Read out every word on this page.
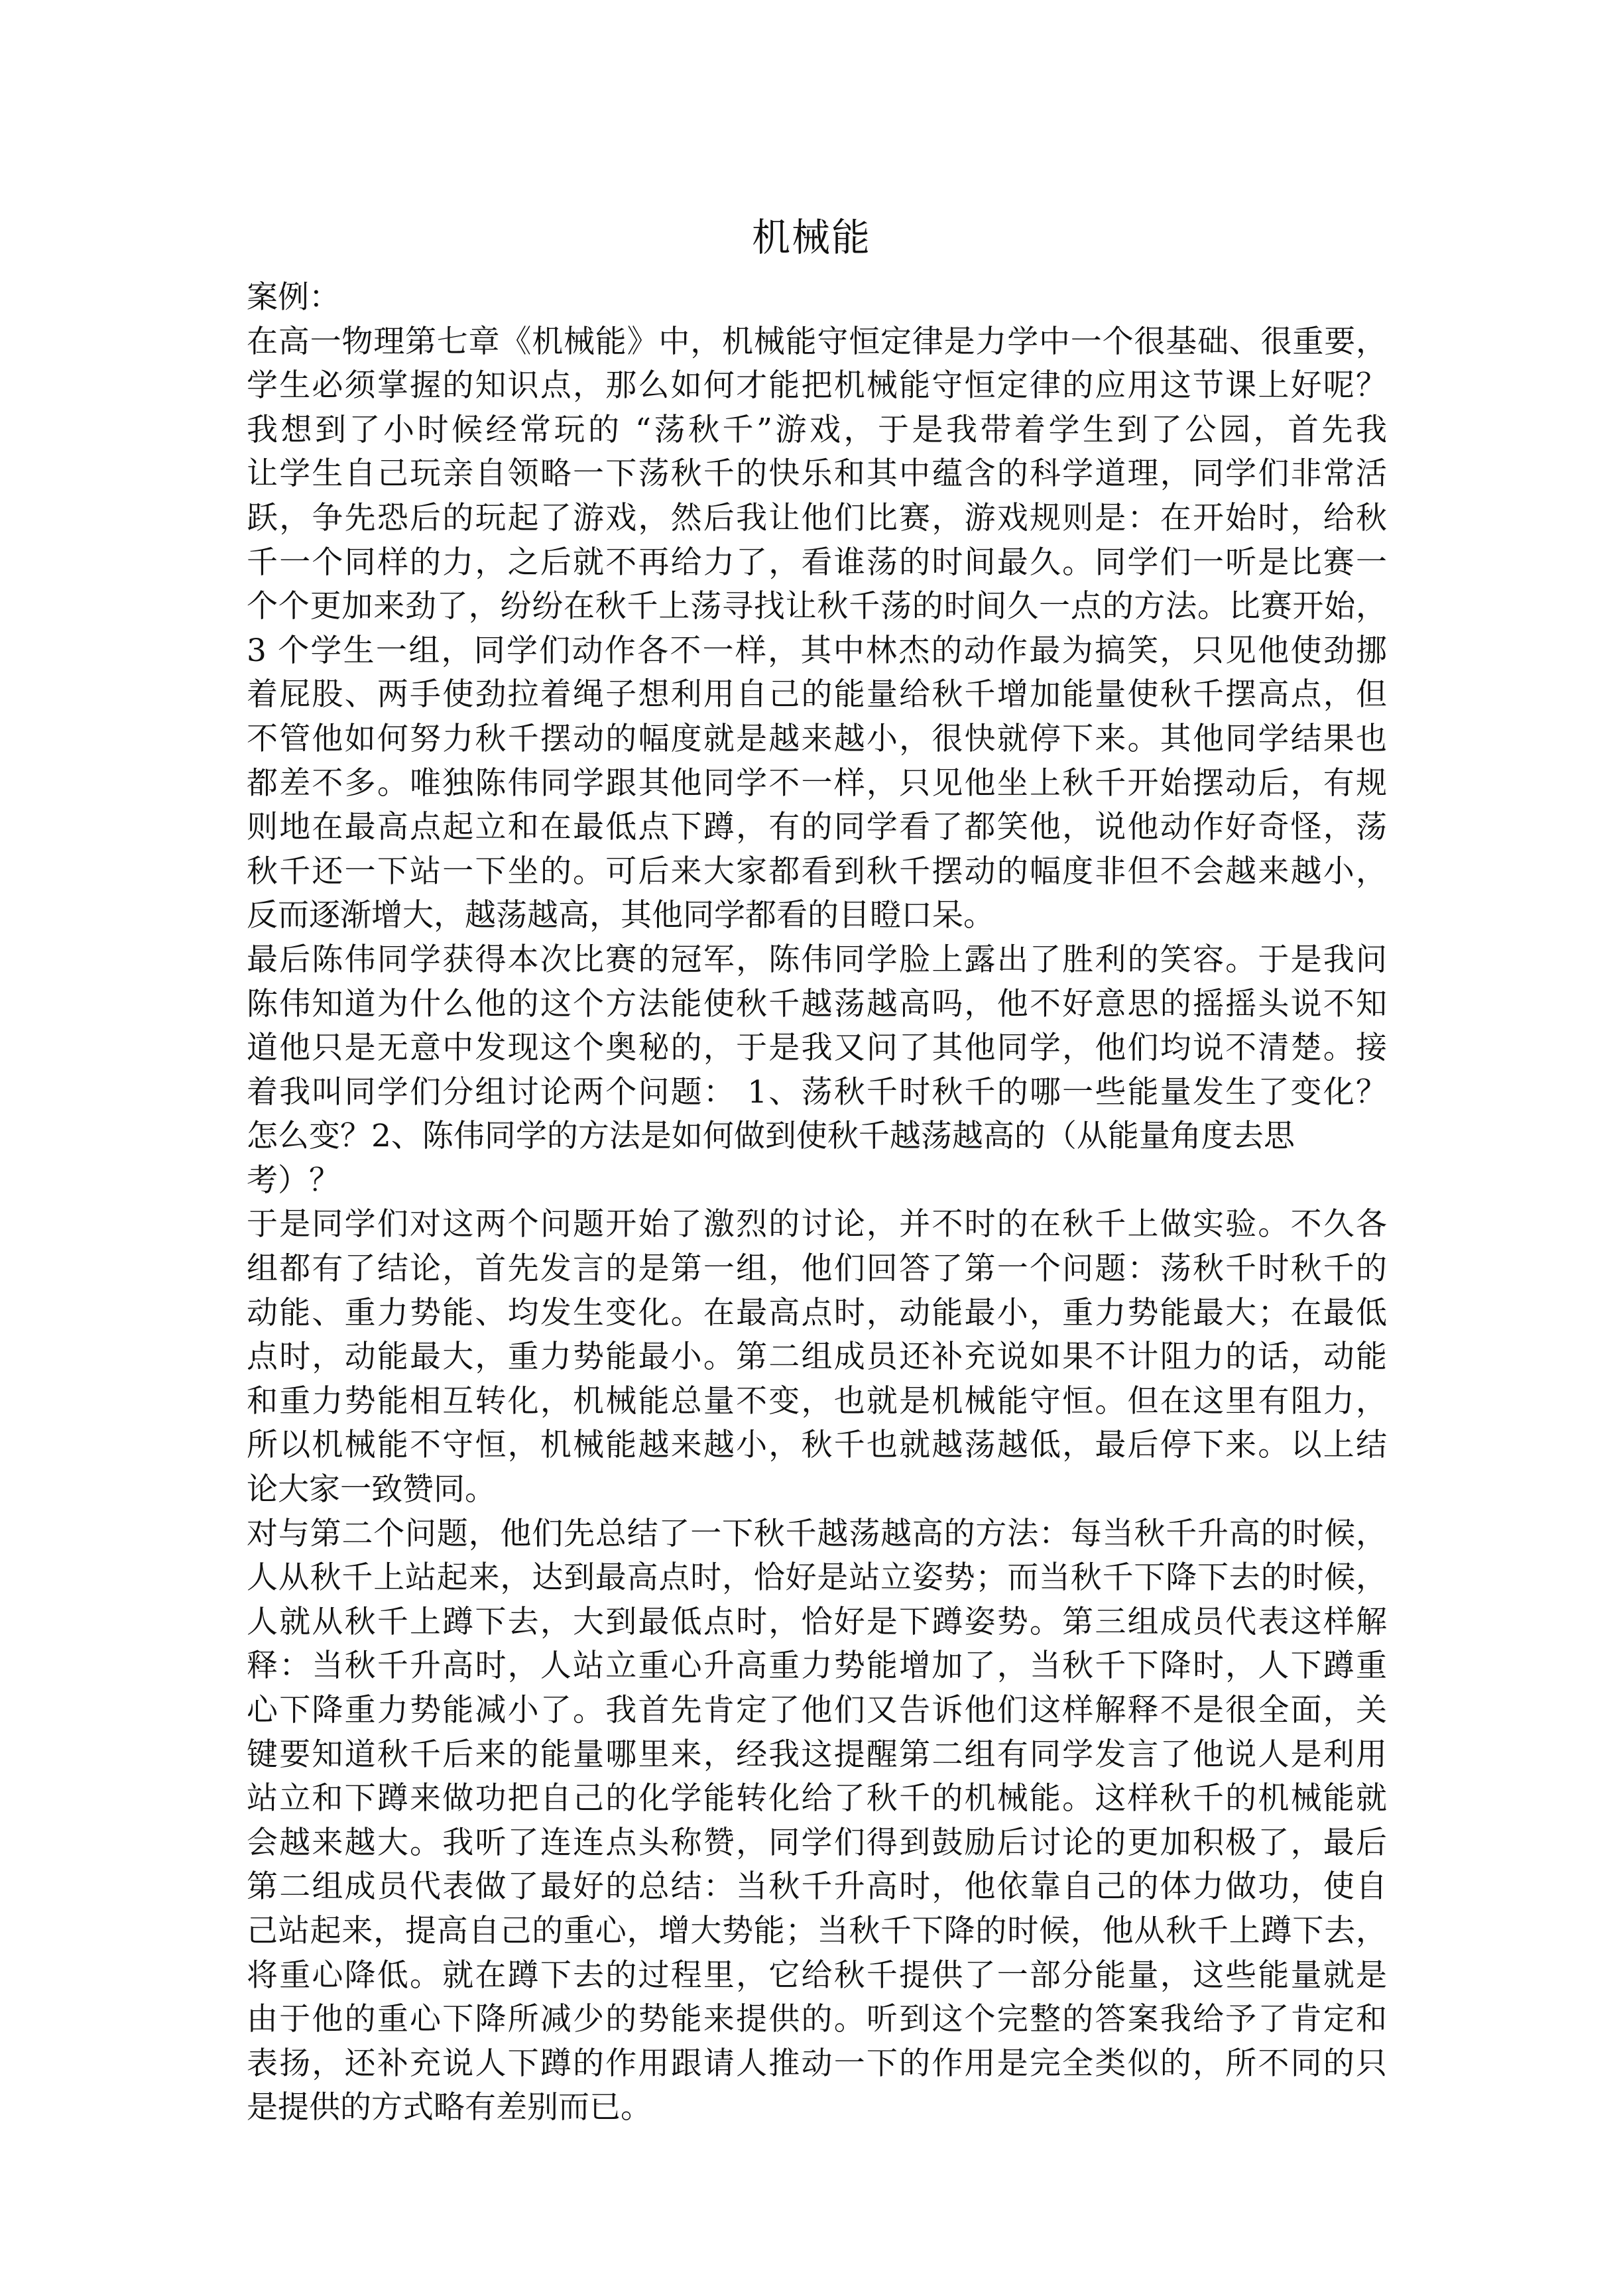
机械能
案例：
在高一物理第七章《机械能》中，机械能守恒定律是力学中一个很基础、很重要，
学生必须掌握的知识点，那么如何才能把机械能守恒定律的应用这节课上好呢？
我想到了小时候经常玩的 “荡秋千”游戏，于是我带着学生到了公园，首先我
让学生自己玩亲自领略一下荡秋千的快乐和其中蕴含的科学道理，同学们非常活
跃，争先恐后的玩起了游戏，然后我让他们比赛，游戏规则是：在开始时，给秋
千一个同样的力，之后就不再给力了，看谁荡的时间最久。同学们一听是比赛一
个个更加来劲了，纷纷在秋千上荡寻找让秋千荡的时间久一点的方法。比赛开始，
3 个学生一组，同学们动作各不一样，其中林杰的动作最为搞笑，只见他使劲挪
着屁股、两手使劲拉着绳子想利用自己的能量给秋千增加能量使秋千摆高点，但
不管他如何努力秋千摆动的幅度就是越来越小，很快就停下来。其他同学结果也
都差不多。唯独陈伟同学跟其他同学不一样，只见他坐上秋千开始摆动后，有规
则地在最高点起立和在最低点下蹲，有的同学看了都笑他，说他动作好奇怪，荡
秋千还一下站一下坐的。可后来大家都看到秋千摆动的幅度非但不会越来越小，
反而逐渐增大，越荡越高，其他同学都看的目瞪口呆。
最后陈伟同学获得本次比赛的冠军，陈伟同学脸上露出了胜利的笑容。于是我问
陈伟知道为什么他的这个方法能使秋千越荡越高吗，他不好意思的摇摇头说不知
道他只是无意中发现这个奥秘的，于是我又问了其他同学，他们均说不清楚。接
着我叫同学们分组讨论两个问题： 1、荡秋千时秋千的哪一些能量发生了变化？
怎么变？2、陈伟同学的方法是如何做到使秋千越荡越高的（从能量角度去思
考）？
于是同学们对这两个问题开始了激烈的讨论，并不时的在秋千上做实验。不久各
组都有了结论，首先发言的是第一组，他们回答了第一个问题：荡秋千时秋千的
动能、重力势能、均发生变化。在最高点时，动能最小，重力势能最大；在最低
点时，动能最大，重力势能最小。第二组成员还补充说如果不计阻力的话，动能
和重力势能相互转化，机械能总量不变，也就是机械能守恒。但在这里有阻力，
所以机械能不守恒，机械能越来越小，秋千也就越荡越低，最后停下来。以上结
论大家一致赞同。
对与第二个问题，他们先总结了一下秋千越荡越高的方法：每当秋千升高的时候，
人从秋千上站起来，达到最高点时，恰好是站立姿势；而当秋千下降下去的时候，
人就从秋千上蹲下去，大到最低点时，恰好是下蹲姿势。第三组成员代表这样解
释：当秋千升高时，人站立重心升高重力势能增加了，当秋千下降时，人下蹲重
心下降重力势能减小了。我首先肯定了他们又告诉他们这样解释不是很全面，关
键要知道秋千后来的能量哪里来，经我这提醒第二组有同学发言了他说人是利用
站立和下蹲来做功把自己的化学能转化给了秋千的机械能。这样秋千的机械能就
会越来越大。我听了连连点头称赞，同学们得到鼓励后讨论的更加积极了，最后
第二组成员代表做了最好的总结：当秋千升高时，他依靠自己的体力做功，使自
己站起来，提高自己的重心，增大势能；当秋千下降的时候，他从秋千上蹲下去，
将重心降低。就在蹲下去的过程里，它给秋千提供了一部分能量，这些能量就是
由于他的重心下降所减少的势能来提供的。听到这个完整的答案我给予了肯定和
表扬，还补充说人下蹲的作用跟请人推动一下的作用是完全类似的，所不同的只
是提供的方式略有差别而已。
